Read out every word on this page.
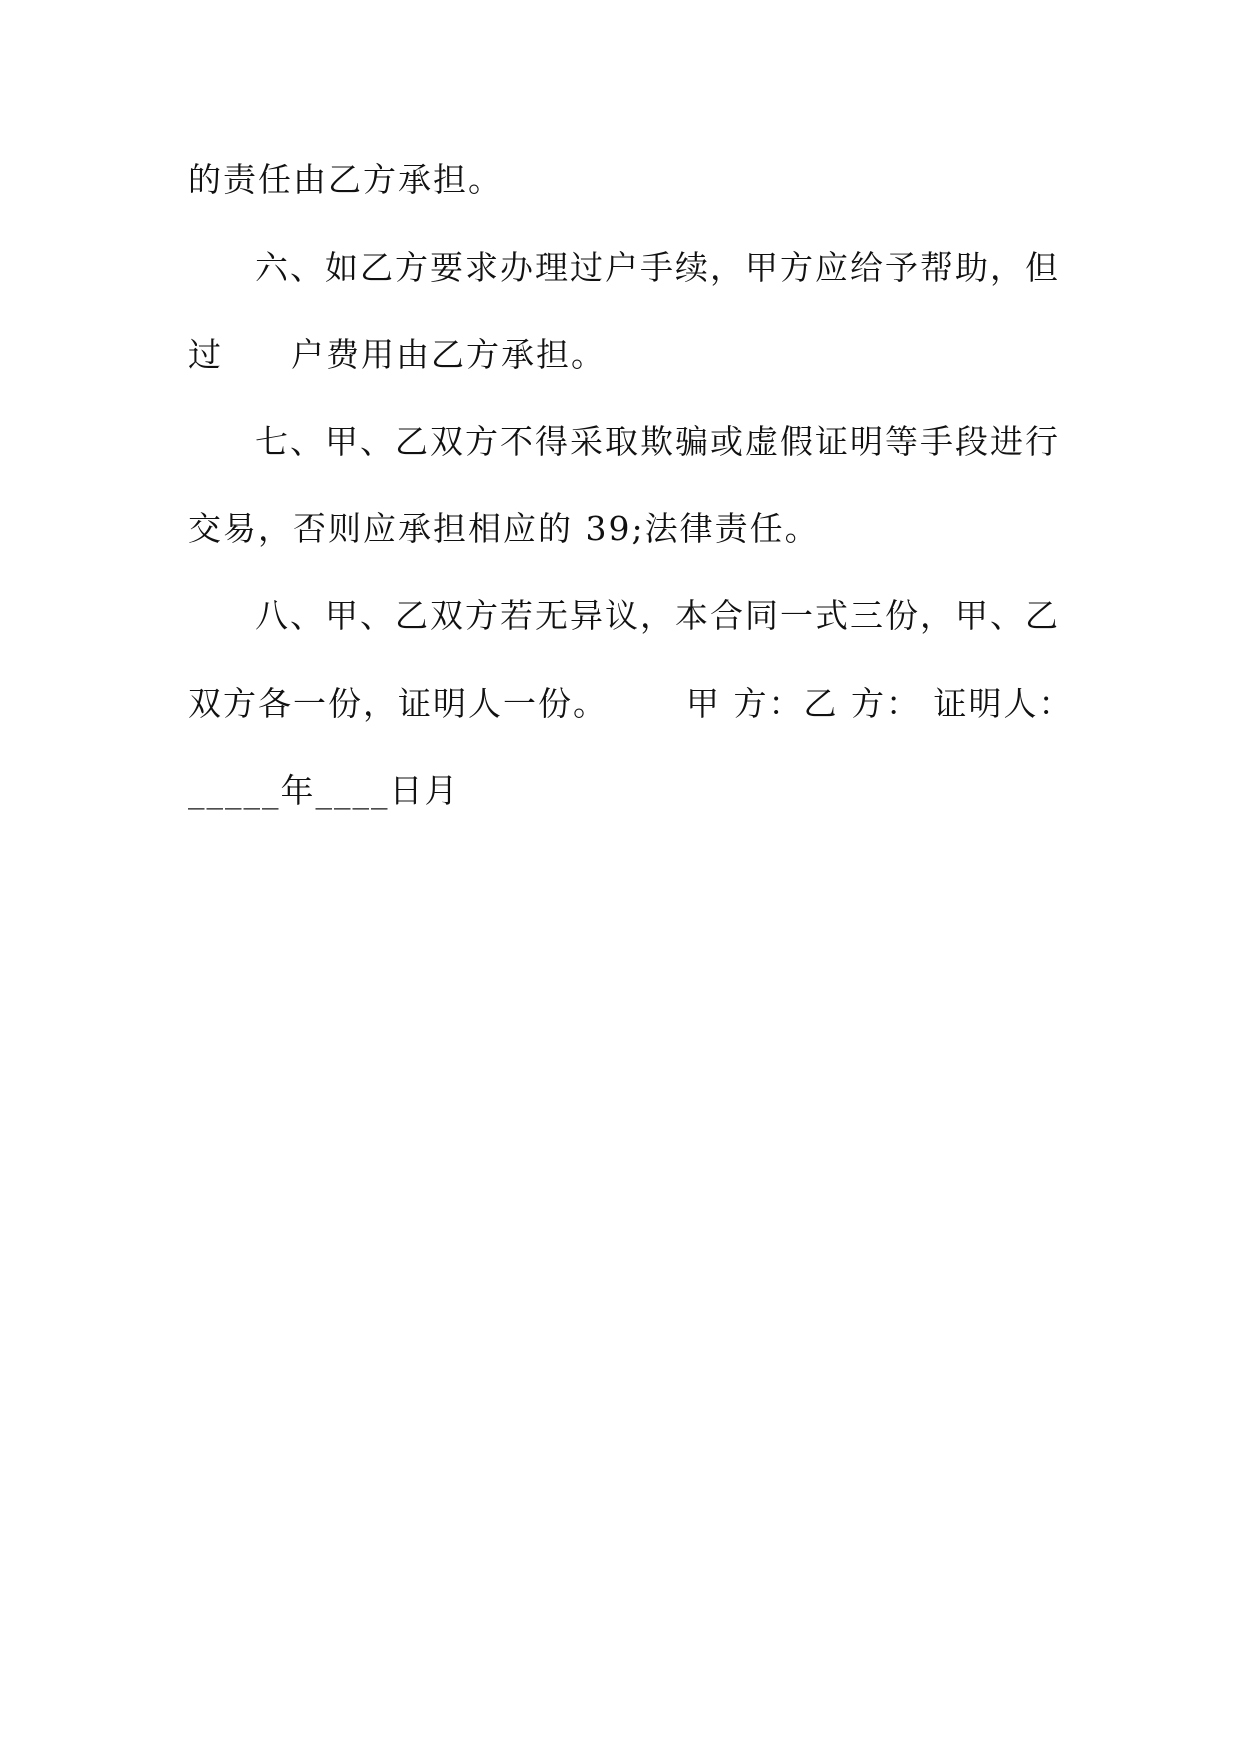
的责任由乙方承担。
六、如乙方要求办理过户手续，甲方应给予帮助，但
过 户费用由乙方承担。
七、甲、乙双方不得采取欺骗或虚假证明等手段进行
交易，否则应承担相应的 39;法律责任。
八、甲、乙双方若无异议，本合同一式三份，甲、乙
双方各一份，证明人一份。 甲 方：乙 方： 证明人：
_____年____日月
